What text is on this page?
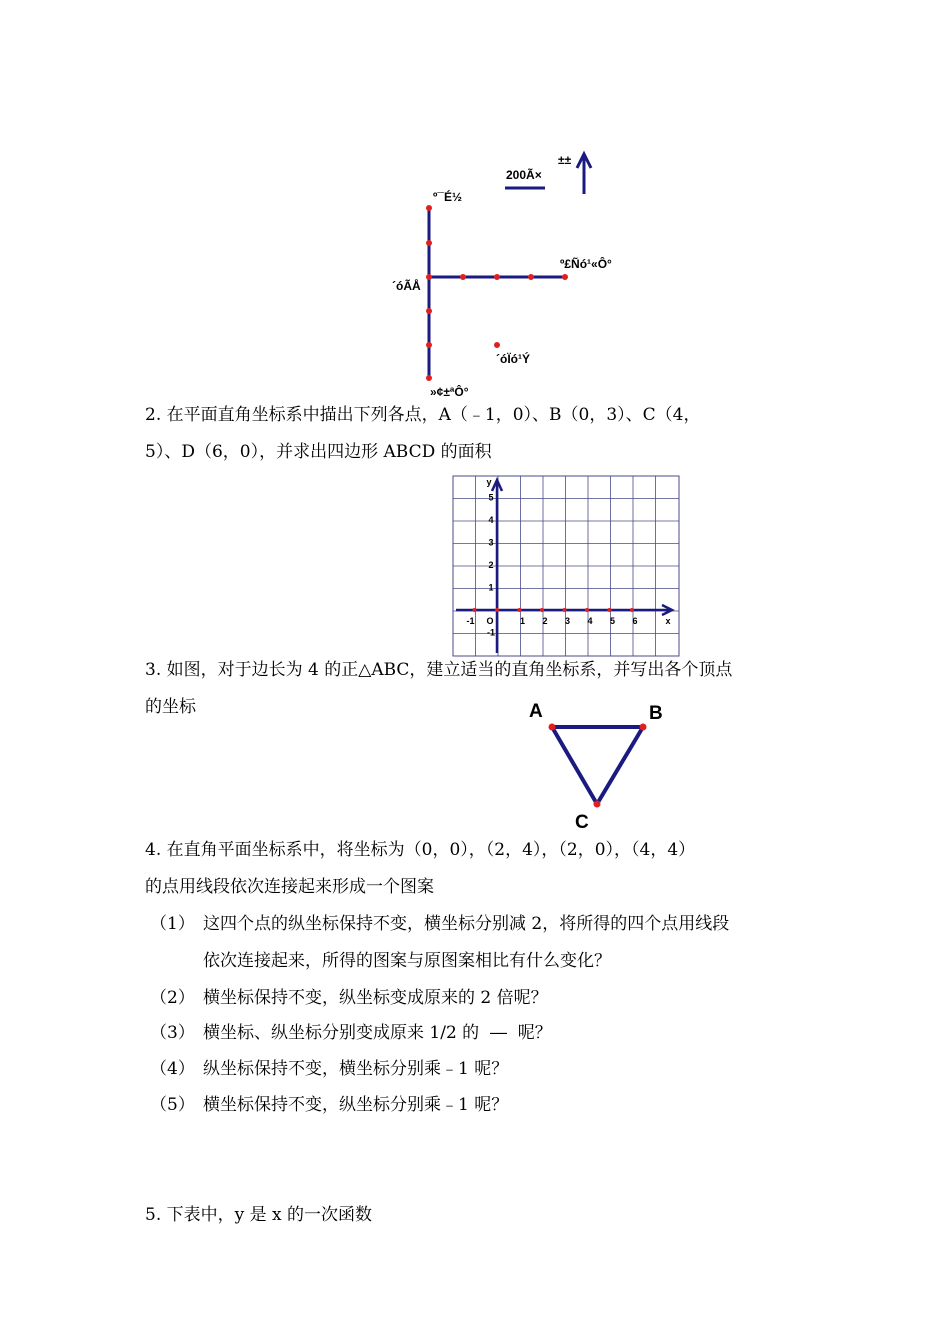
200Ã×
±±
º¯É½
´óÃÅ
º£Ñó¹«Ô°
´óÏó¹Ý
»¢±ªÔ°
2. 在平面直角坐标系中描出下列各点，A（﹣1，0）、B（0，3）、C（4，
5）、D（6，0），并求出四边形 ABCD 的面积
y
x
O
-1	1 2 3 4 5 6
5
4
3
2
1
-1
3. 如图，对于边长为 4 的正△ABC，建立适当的直角坐标系，并写出各个顶点
的坐标	A	B
C
4. 在直角平面坐标系中，将坐标为（0，0），（2，4），（2，0），（4，4）
的点用线段依次连接起来形成一个图案
（1） 这四个点的纵坐标保持不变，横坐标分别减 2，将所得的四个点用线段
依次连接起来，所得的图案与原图案相比有什么变化？
（2） 横坐标保持不变，纵坐标变成原来的 2 倍呢？
（3） 横坐标、纵坐标分别变成原来 1/2 的  ―  呢？
（4） 纵坐标保持不变，横坐标分别乘﹣1 呢？
（5） 横坐标保持不变，纵坐标分别乘﹣1 呢？
5. 下表中，y 是 x 的一次函数
